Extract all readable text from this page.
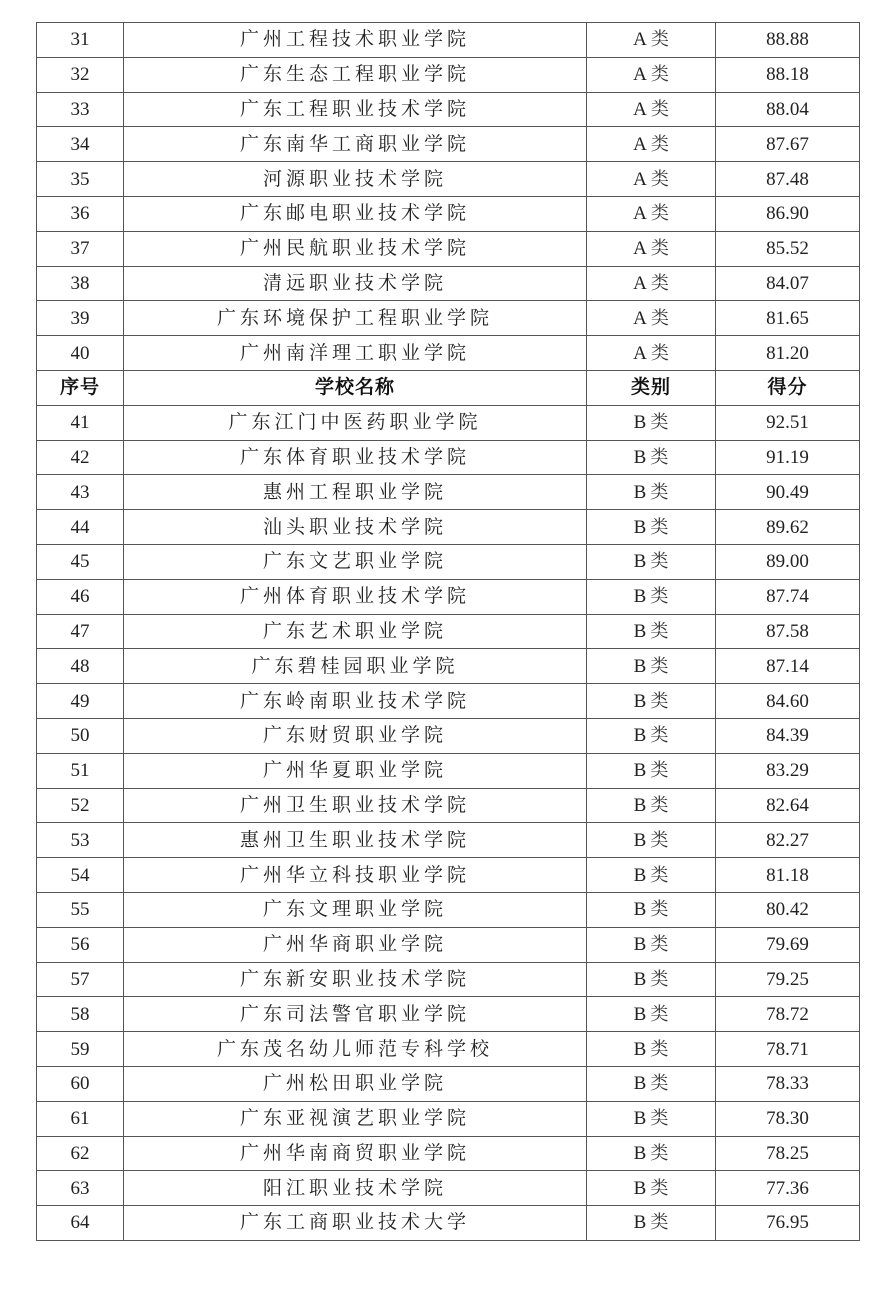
31	广州工程技术职业学院	A 类	88.88
32	广东生态工程职业学院	A 类	88.18
33	广东工程职业技术学院	A 类	88.04
34	广东南华工商职业学院	A 类	87.67
35	河源职业技术学院	A 类	87.48
36	广东邮电职业技术学院	A 类	86.90
37	广州民航职业技术学院	A 类	85.52
38	清远职业技术学院	A 类	84.07
39	广东环境保护工程职业学院	A 类	81.65
40	广州南洋理工职业学院	A 类	81.20
序号	学校名称	类别	得分
41	广东江门中医药职业学院	B 类	92.51
42	广东体育职业技术学院	B 类	91.19
43	惠州工程职业学院	B 类	90.49
44	汕头职业技术学院	B 类	89.62
45	广东文艺职业学院	B 类	89.00
46	广州体育职业技术学院	B 类	87.74
47	广东艺术职业学院	B 类	87.58
48	广东碧桂园职业学院	B 类	87.14
49	广东岭南职业技术学院	B 类	84.60
50	广东财贸职业学院	B 类	84.39
51	广州华夏职业学院	B 类	83.29
52	广州卫生职业技术学院	B 类	82.64
53	惠州卫生职业技术学院	B 类	82.27
54	广州华立科技职业学院	B 类	81.18
55	广东文理职业学院	B 类	80.42
56	广州华商职业学院	B 类	79.69
57	广东新安职业技术学院	B 类	79.25
58	广东司法警官职业学院	B 类	78.72
59	广东茂名幼儿师范专科学校	B 类	78.71
60	广州松田职业学院	B 类	78.33
61	广东亚视演艺职业学院	B 类	78.30
62	广州华南商贸职业学院	B 类	78.25
63	阳江职业技术学院	B 类	77.36
64	广东工商职业技术大学	B 类	76.95
